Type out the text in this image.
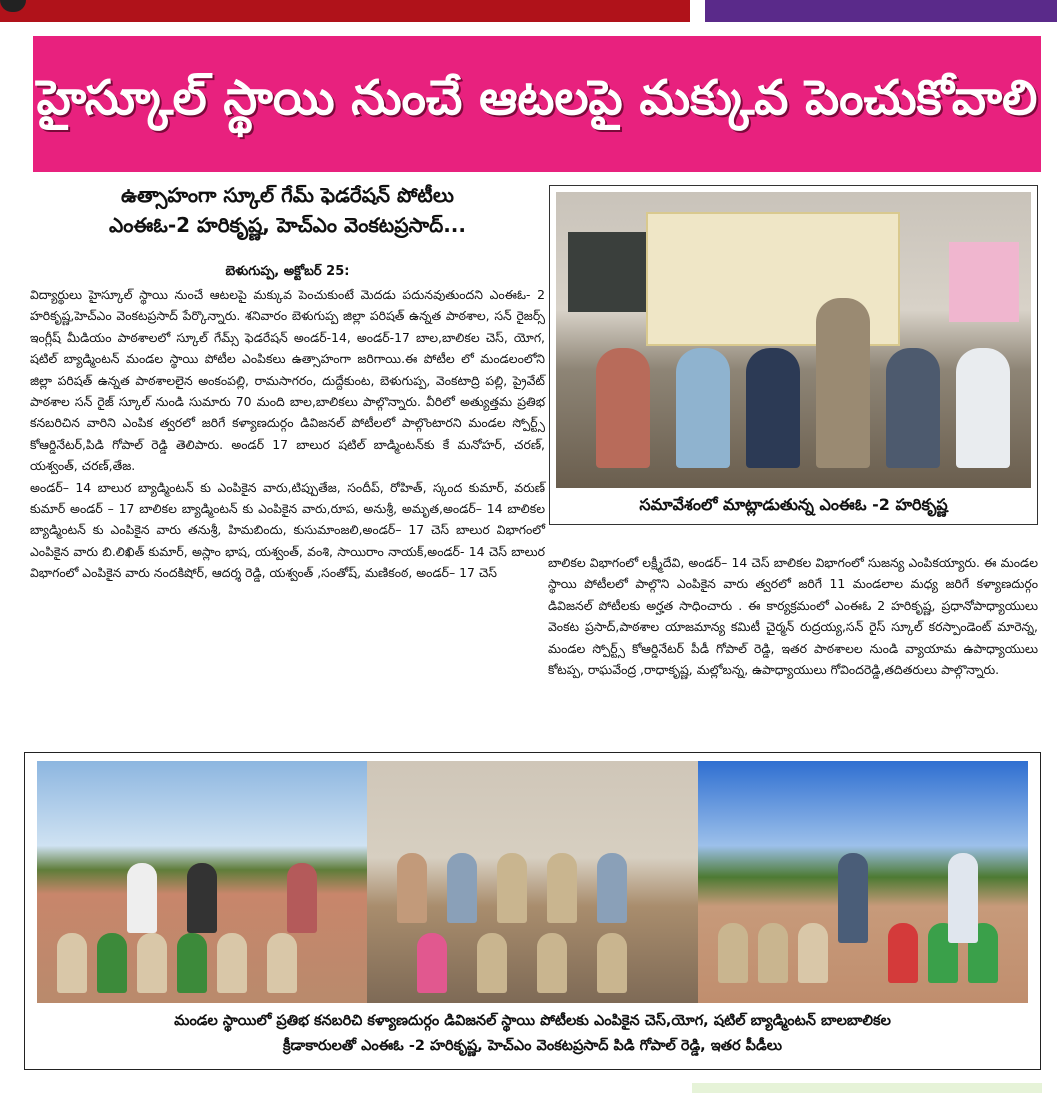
హైస్కూల్ స్థాయి నుంచే ఆటలపై మక్కువ పెంచుకోవాలి
ఉత్సాహంగా స్కూల్ గేమ్ ఫెడరేషన్ పోటీలు
ఎంఈఓ-2 హరికృష్ణ, హెచ్ఎం వెంకటప్రసాద్...
బెళుగుప్ప, అక్టోబర్ 25:

విద్యార్థులు హైస్కూల్ స్థాయి నుంచే ఆటలపై మక్కువ పెంచుకుంటే మెదడు పదునవుతుందని ఎంఈఓ- 2 హరికృష్ణ,హెచ్ఎం వెంకటప్రసాద్ పేర్కొన్నారు. శనివారం బెళుగుప్ప జిల్లా పరిషత్ ఉన్నత పాఠశాల, సన్ రైజర్స్ ఇంగ్లీష్ మీడియం పాఠశాలలో స్కూల్ గేమ్స్ ఫెడరేషన్ అండర్-14, అండర్-17 బాల,బాలికల చెస్, యోగ, షటిల్ బ్యాడ్మింటన్ మండల స్థాయి పోటీల ఎంపికలు ఉత్సాహంగా జరిగాయి.ఈ పోటీల లో మండలంలోని జిల్లా పరిషత్ ఉన్నత పాఠశాలలైన అంకంపల్లి, రామసాగరం, దుద్దేకుంట, బెళుగుప్ప, వెంకటాద్రి పల్లి, ప్రైవేట్ పాఠశాల సన్ రైజ్ స్కూల్ నుండి సుమారు 70 మంది బాల,బాలికలు పాల్గొన్నారు. వీరిలో అత్యుత్తమ ప్రతిభ కనబరిచిన వారిని ఎంపిక త్వరలో జరిగే కళ్యాణదుర్గం డివిజనల్ పోటీలలో పాల్గొంటారని మండల స్పోర్ట్స్ కోఆర్డినేటర్,పిడి గోపాల్ రెడ్డి తెలిపారు. అండర్ 17 బాలుర షటిల్ బాడ్మింటన్‌కు కే మనోహర్, చరణ్, యశ్వంత్, చరణ్,తేజ.

అండర్– 14 బాలుర బ్యాడ్మింటన్ కు ఎంపికైన వారు,టిప్పుతేజ, సందీప్, రోహిత్, స్కంద కుమార్, వరుణ్ కుమార్ అండర్ – 17 బాలికల బ్యాడ్మింటన్ కు ఎంపికైన వారు,రూప, అనుశ్రీ, అమృత,అండర్– 14 బాలికల బ్యాడ్మింటన్ కు ఎంపికైన వారు తనుశ్రీ, హిమబిందు, కుసుమాంజలి,అండర్– 17 చెస్ బాలుర విభాగంలో ఎంపికైన వారు బి.లిఖిత్ కుమార్, అస్లాం భాష, యశ్వంత్, వంశి, సాయిరాం నాయక్,అండర్- 14 చెస్ బాలుర విభాగంలో ఎంపికైన వారు నందకిషోర్, ఆదర్శ రెడ్డి, యశ్వంత్ ,సంతోష్, మణికంఠ, అండర్– 17 చెస్

సమావేశంలో మాట్లాడుతున్న ఎంఈఓ -2 హరికృష్ణ

బాలికల విభాగంలో లక్ష్మీదేవి, అండర్– 14 చెస్ బాలికల విభాగంలో సుజన్య ఎంపికయ్యారు. ఈ మండల స్థాయి పోటీలలో పాల్గొని ఎంపికైన వారు త్వరలో జరిగే 11 మండలాల మధ్య జరిగే కళ్యాణదుర్గం డివిజనల్ పోటీలకు అర్హత సాధించారు . ఈ కార్యక్రమంలో ఎంఈఓ 2 హరికృష్ణ, ప్రధానోపాధ్యాయులు వెంకట ప్రసాద్,పాఠశాల యాజమాన్య కమిటీ చైర్మన్ రుద్రయ్య,సన్ రైస్ స్కూల్ కరస్పాండెంట్ మారెన్న, మండల స్పోర్ట్స్ కోఆర్డినేటర్ పీడీ గోపాల్ రెడ్డి, ఇతర పాఠశాలల నుండి వ్యాయామ ఉపాధ్యాయులు కోటప్ప, రాఘవేంద్ర ,రాధాకృష్ణ, మల్లోబన్న, ఉపాధ్యాయులు గోవిందరెడ్డి,తదితరులు పాల్గొన్నారు.

మండల స్థాయిలో ప్రతిభ కనబరిచి కళ్యాణదుర్గం డివిజనల్ స్థాయి పోటీలకు ఎంపికైన చెస్,యోగ, షటిల్ బ్యాడ్మింటన్ బాలబాలికల
క్రీడాకారులతో ఎంఈఓ -2 హరికృష్ణ, హెచ్ఎం వెంకటప్రసాద్ పిడి గోపాల్ రెడ్డి, ఇతర పీడీలు
